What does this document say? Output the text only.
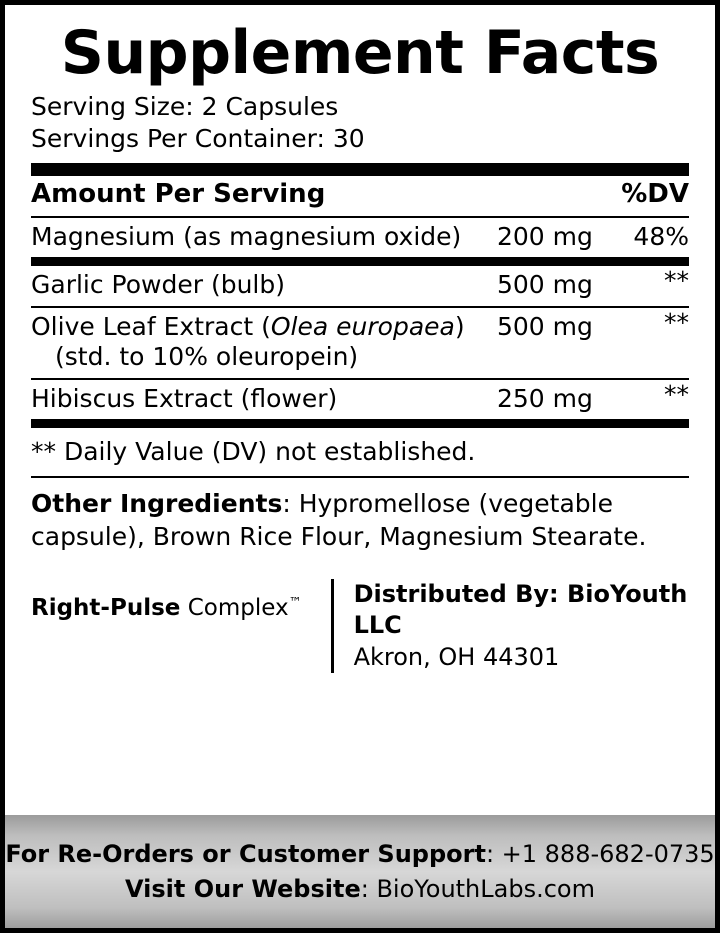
Supplement Facts
Serving Size: 2 Capsules
Servings Per Container: 30
Amount Per Serving	%DV
Magnesium (as magnesium oxide)	200 mg	48%
Garlic Powder (bulb)	500 mg	**
Olive Leaf Extract (Olea europaea)
(std. to 10% oleuropein)
500 mg	**
Hibiscus Extract (flower)	250 mg	**
** Daily Value (DV) not established.
Other Ingredients: Hypromellose (vegetable capsule), Brown Rice Flour, Magnesium Stearate.
Right-Pulse Complex™	Distributed By: BioYouth LLC
Akron, OH 44301
For Re-Orders or Customer Support: +1 888-682-0735
Visit Our Website: BioYouthLabs.com
